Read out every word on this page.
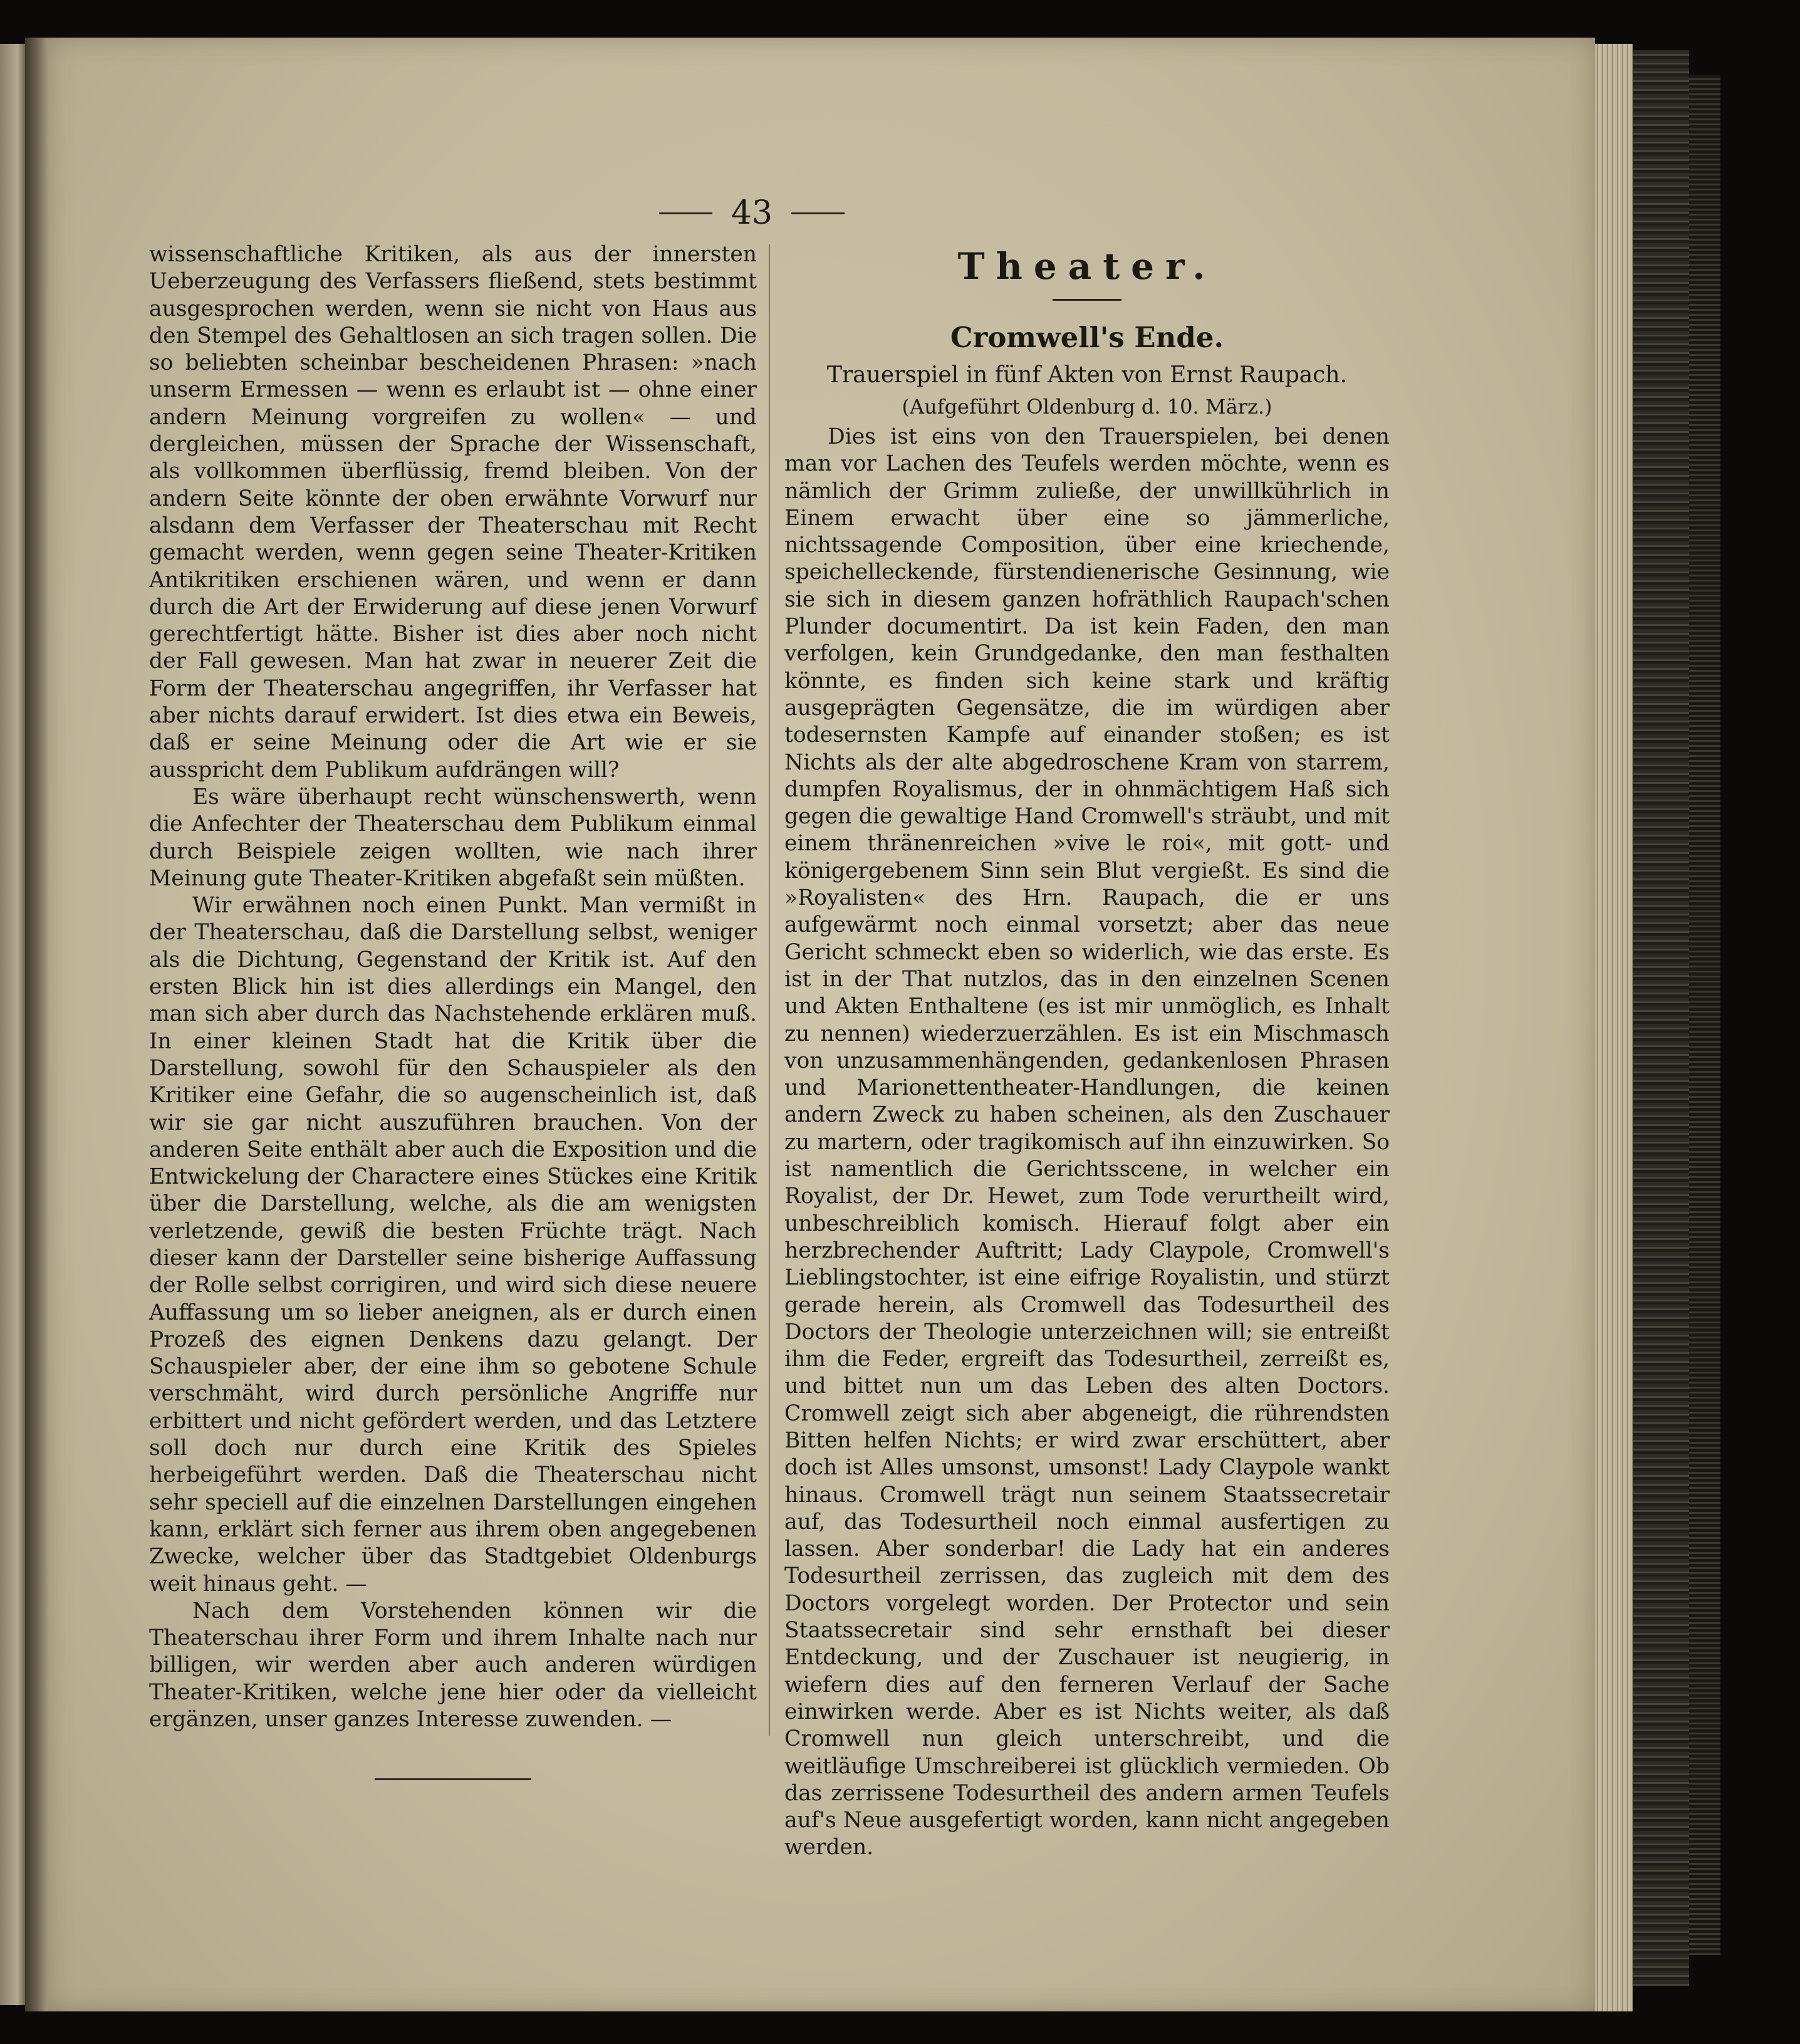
43

wissenschaftliche Kritiken, als aus der innersten Ueberzeugung des Verfassers fließend, stets bestimmt ausgesprochen werden, wenn sie nicht von Haus aus den Stempel des Gehaltlosen an sich tragen sollen. Die so beliebten scheinbar bescheidenen Phrasen: »nach unserm Ermessen — wenn es erlaubt ist — ohne einer andern Meinung vorgreifen zu wollen« — und dergleichen, müssen der Sprache der Wissenschaft, als vollkommen überflüssig, fremd bleiben. Von der andern Seite könnte der oben erwähnte Vorwurf nur alsdann dem Verfasser der Theaterschau mit Recht gemacht werden, wenn gegen seine Theater-Kritiken Antikritiken erschienen wären, und wenn er dann durch die Art der Erwiderung auf diese jenen Vorwurf gerechtfertigt hätte. Bisher ist dies aber noch nicht der Fall gewesen. Man hat zwar in neuerer Zeit die Form der Theaterschau angegriffen, ihr Verfasser hat aber nichts darauf erwidert. Ist dies etwa ein Beweis, daß er seine Meinung oder die Art wie er sie ausspricht dem Publikum aufdrängen will?

Es wäre überhaupt recht wünschenswerth, wenn die Anfechter der Theaterschau dem Publikum einmal durch Beispiele zeigen wollten, wie nach ihrer Meinung gute Theater-Kritiken abgefaßt sein müßten.

Wir erwähnen noch einen Punkt. Man vermißt in der Theaterschau, daß die Darstellung selbst, weniger als die Dichtung, Gegenstand der Kritik ist. Auf den ersten Blick hin ist dies allerdings ein Mangel, den man sich aber durch das Nachstehende erklären muß. In einer kleinen Stadt hat die Kritik über die Darstellung, sowohl für den Schauspieler als den Kritiker eine Gefahr, die so augenscheinlich ist, daß wir sie gar nicht auszuführen brauchen. Von der anderen Seite enthält aber auch die Exposition und die Entwickelung der Charactere eines Stückes eine Kritik über die Darstellung, welche, als die am wenigsten verletzende, gewiß die besten Früchte trägt. Nach dieser kann der Darsteller seine bisherige Auffassung der Rolle selbst corrigiren, und wird sich diese neuere Auffassung um so lieber aneignen, als er durch einen Prozeß des eignen Denkens dazu gelangt. Der Schauspieler aber, der eine ihm so gebotene Schule verschmäht, wird durch persönliche Angriffe nur erbittert und nicht gefördert werden, und das Letztere soll doch nur durch eine Kritik des Spieles herbeigeführt werden. Daß die Theaterschau nicht sehr speciell auf die einzelnen Darstellungen eingehen kann, erklärt sich ferner aus ihrem oben angegebenen Zwecke, welcher über das Stadtgebiet Oldenburgs weit hinaus geht. —

Nach dem Vorstehenden können wir die Theaterschau ihrer Form und ihrem Inhalte nach nur billigen, wir werden aber auch anderen würdigen Theater-Kritiken, welche jene hier oder da vielleicht ergänzen, unser ganzes Interesse zuwenden. —

Theater.
Cromwell's Ende.
Trauerspiel in fünf Akten von Ernst Raupach.
(Aufgeführt Oldenburg d. 10. März.)

Dies ist eins von den Trauerspielen, bei denen man vor Lachen des Teufels werden möchte, wenn es nämlich der Grimm zuließe, der unwillkührlich in Einem erwacht über eine so jämmerliche, nichtssagende Composition, über eine kriechende, speichelleckende, fürstendienerische Gesinnung, wie sie sich in diesem ganzen hofräthlich Raupach'schen Plunder documentirt. Da ist kein Faden, den man verfolgen, kein Grundgedanke, den man festhalten könnte, es finden sich keine stark und kräftig ausgeprägten Gegensätze, die im würdigen aber todesernsten Kampfe auf einander stoßen; es ist Nichts als der alte abgedroschene Kram von starrem, dumpfen Royalismus, der in ohnmächtigem Haß sich gegen die gewaltige Hand Cromwell's sträubt, und mit einem thränenreichen »vive le roi«, mit gott- und königergebenem Sinn sein Blut vergießt. Es sind die »Royalisten« des Hrn. Raupach, die er uns aufgewärmt noch einmal vorsetzt; aber das neue Gericht schmeckt eben so widerlich, wie das erste. Es ist in der That nutzlos, das in den einzelnen Scenen und Akten Enthaltene (es ist mir unmöglich, es Inhalt zu nennen) wiederzuerzählen. Es ist ein Mischmasch von unzusammenhängenden, gedankenlosen Phrasen und Marionettentheater-Handlungen, die keinen andern Zweck zu haben scheinen, als den Zuschauer zu martern, oder tragikomisch auf ihn einzuwirken. So ist namentlich die Gerichtsscene, in welcher ein Royalist, der Dr. Hewet, zum Tode verurtheilt wird, unbeschreiblich komisch. Hierauf folgt aber ein herzbrechender Auftritt; Lady Claypole, Cromwell's Lieblingstochter, ist eine eifrige Royalistin, und stürzt gerade herein, als Cromwell das Todesurtheil des Doctors der Theologie unterzeichnen will; sie entreißt ihm die Feder, ergreift das Todesurtheil, zerreißt es, und bittet nun um das Leben des alten Doctors. Cromwell zeigt sich aber abgeneigt, die rührendsten Bitten helfen Nichts; er wird zwar erschüttert, aber doch ist Alles umsonst, umsonst! Lady Claypole wankt hinaus. Cromwell trägt nun seinem Staatssecretair auf, das Todesurtheil noch einmal ausfertigen zu lassen. Aber sonderbar! die Lady hat ein anderes Todesurtheil zerrissen, das zugleich mit dem des Doctors vorgelegt worden. Der Protector und sein Staatssecretair sind sehr ernsthaft bei dieser Entdeckung, und der Zuschauer ist neugierig, in wiefern dies auf den ferneren Verlauf der Sache einwirken werde. Aber es ist Nichts weiter, als daß Cromwell nun gleich unterschreibt, und die weitläufige Umschreiberei ist glücklich vermieden. Ob das zerrissene Todesurtheil des andern armen Teufels auf's Neue ausgefertigt worden, kann nicht angegeben werden.
